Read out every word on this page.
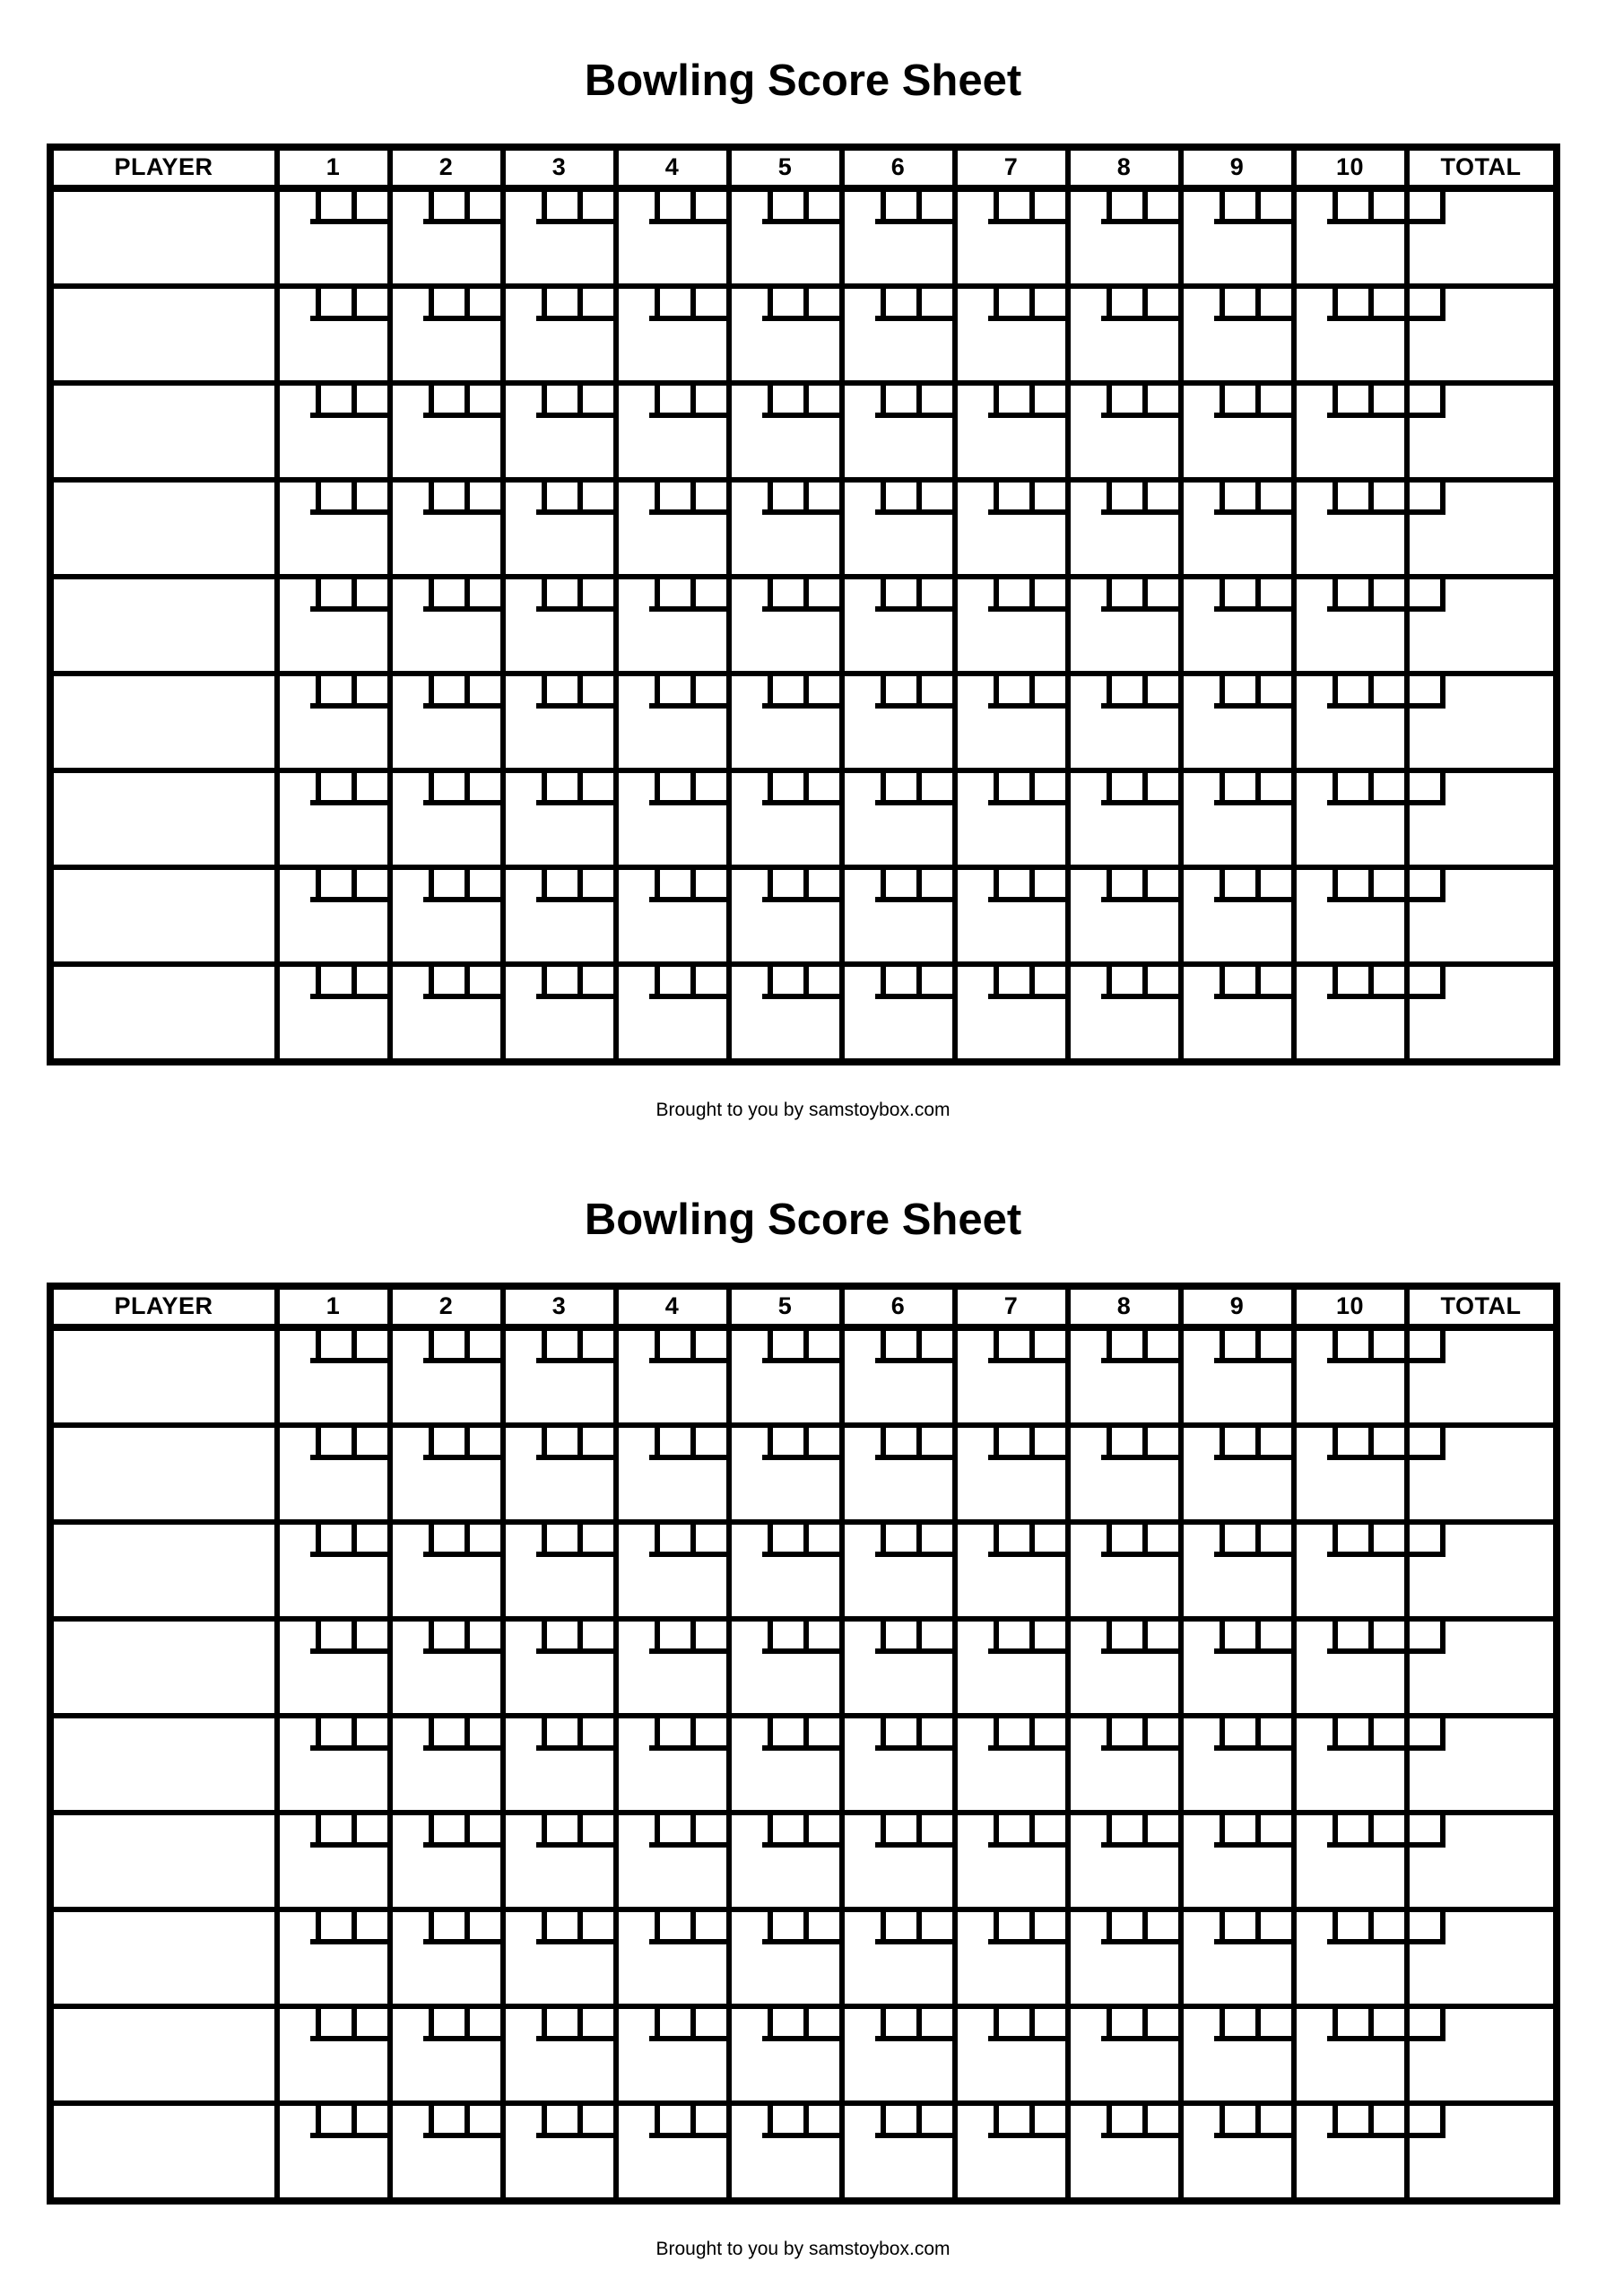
Bowling Score Sheet
PLAYER	1	2	3	4	5	6	7	8	9	10	TOTAL
Brought to you by samstoybox.com
Bowling Score Sheet
PLAYER	1	2	3	4	5	6	7	8	9	10	TOTAL
Brought to you by samstoybox.com
